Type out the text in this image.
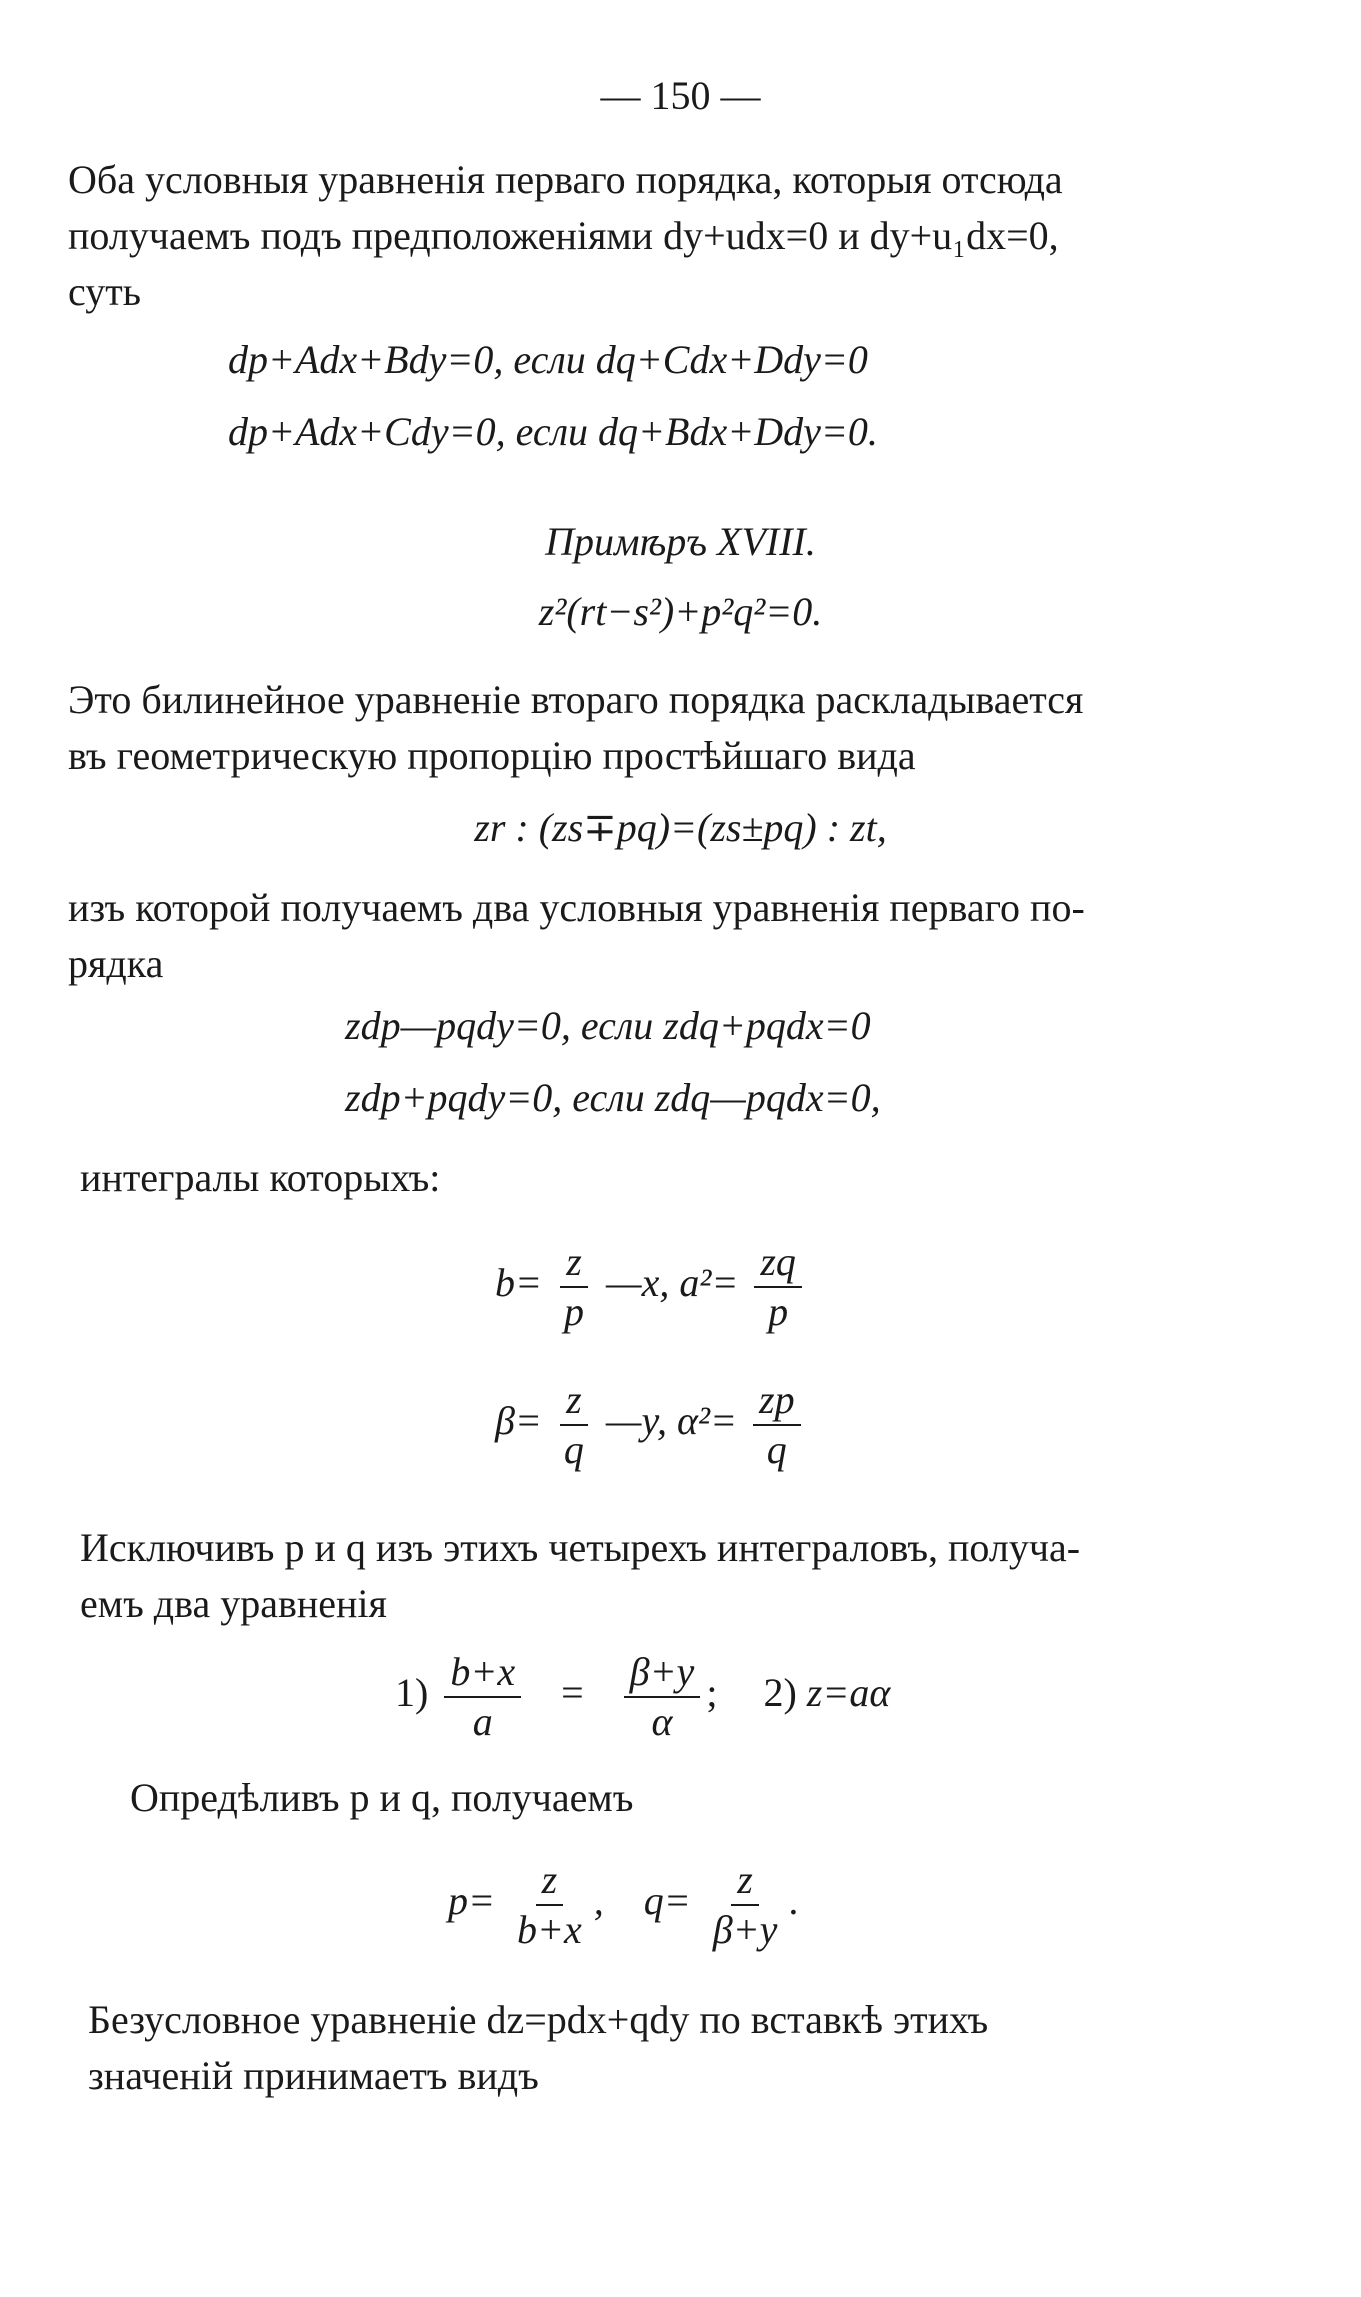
— 150 —
Оба условныя уравненія перваго порядка, которыя отсюда
получаемъ подъ предположеніями dy+udx=0 и dy+u₁dx=0,
суть
dp+Adx+Bdy=0, если dq+Cdx+Ddy=0
dp+Adx+Cdy=0, если dq+Bdx+Ddy=0.
Примѣръ XVIII.
z²(rt−s²)+p²q²=0.
Это билинейное уравненіе втораго порядка раскладывается
въ геометрическую пропорцію простѣйшаго вида
zr : (zs∓pq)=(zs±pq) : zt,
изъ которой получаемъ два условныя уравненія перваго по-
рядка
zdp—pqdy=0, если zdq+pqdx=0
zdp+pqdy=0, если zdq—pqdx=0,
интегралы которыхъ:
$b= \frac{z}{p}$ —x, $a^2= \frac{zq}{p}$
$\beta= \frac{z}{q}$ —y, $\alpha^2= \frac{zp}{q}$
Исключивъ p и q изъ этихъ четырехъ интеграловъ, получа-
емъ два уравненія
$1) \frac{b+x}{a} = \frac{\beta+y}{\alpha}$ ; 2) z=aα
Опредѣливъ p и q, получаемъ
$p= \frac{z}{b+x}$ , $q= \frac{z}{\beta+y}$ .
Безусловное уравненіе dz=pdx+qdy по вставкѣ этихъ
значеній принимаетъ видъ
